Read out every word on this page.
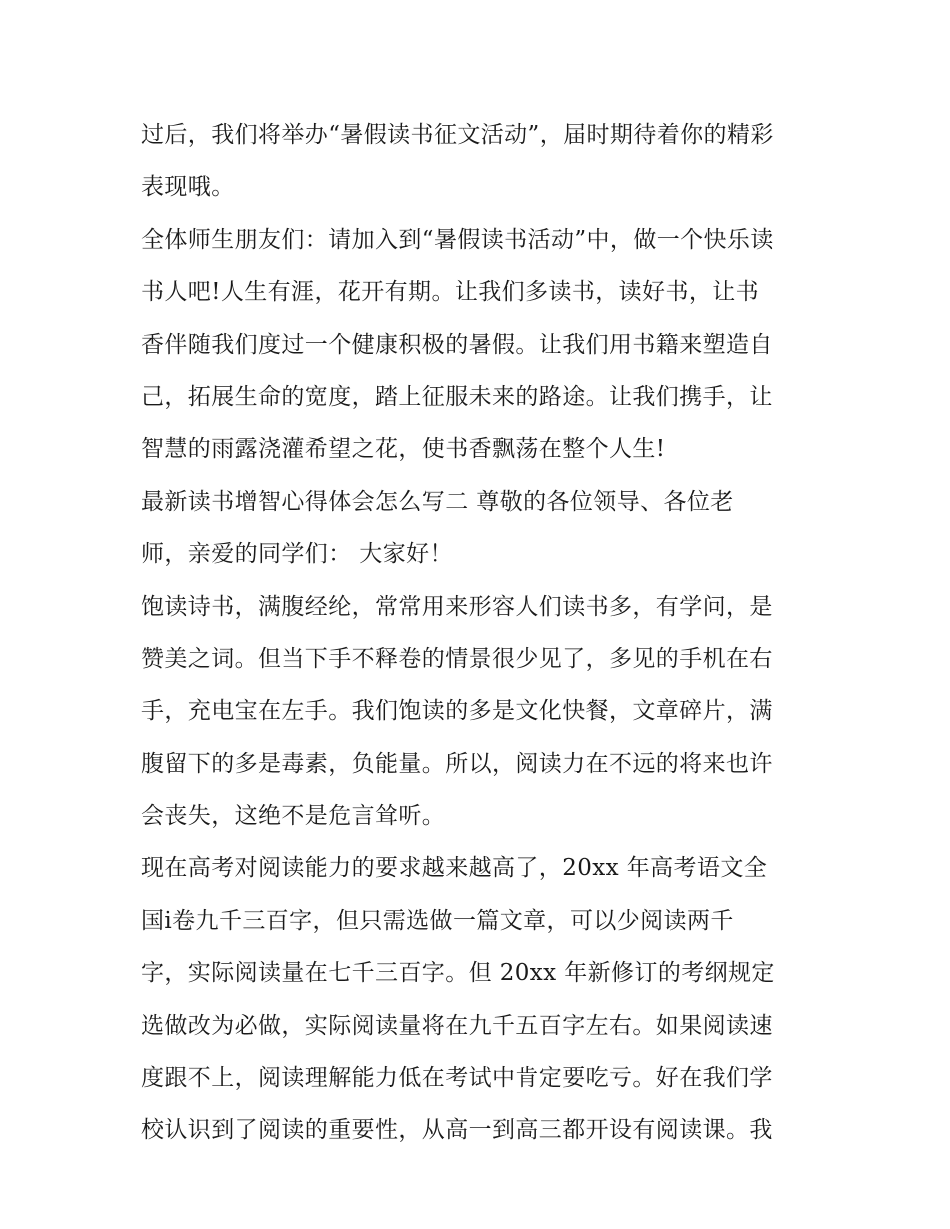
过后，我们将举办“暑假读书征文活动”，届时期待着你的精彩
表现哦。
全体师生朋友们：请加入到“暑假读书活动”中，做一个快乐读
书人吧!人生有涯，花开有期。让我们多读书，读好书，让书
香伴随我们度过一个健康积极的暑假。让我们用书籍来塑造自
己，拓展生命的宽度，踏上征服未来的路途。让我们携手，让
智慧的雨露浇灌希望之花，使书香飘荡在整个人生!
最新读书增智心得体会怎么写二 尊敬的各位领导、各位老
师，亲爱的同学们： 大家好！
饱读诗书，满腹经纶，常常用来形容人们读书多，有学问，是
赞美之词。但当下手不释卷的情景很少见了，多见的手机在右
手，充电宝在左手。我们饱读的多是文化快餐，文章碎片，满
腹留下的多是毒素，负能量。所以，阅读力在不远的将来也许
会丧失，这绝不是危言耸听。
现在高考对阅读能力的要求越来越高了，20xx 年高考语文全
国ⅰ卷九千三百字，但只需选做一篇文章，可以少阅读两千
字，实际阅读量在七千三百字。但 20xx 年新修订的考纲规定
选做改为必做，实际阅读量将在九千五百字左右。如果阅读速
度跟不上，阅读理解能力低在考试中肯定要吃亏。好在我们学
校认识到了阅读的重要性，从高一到高三都开设有阅读课。我
